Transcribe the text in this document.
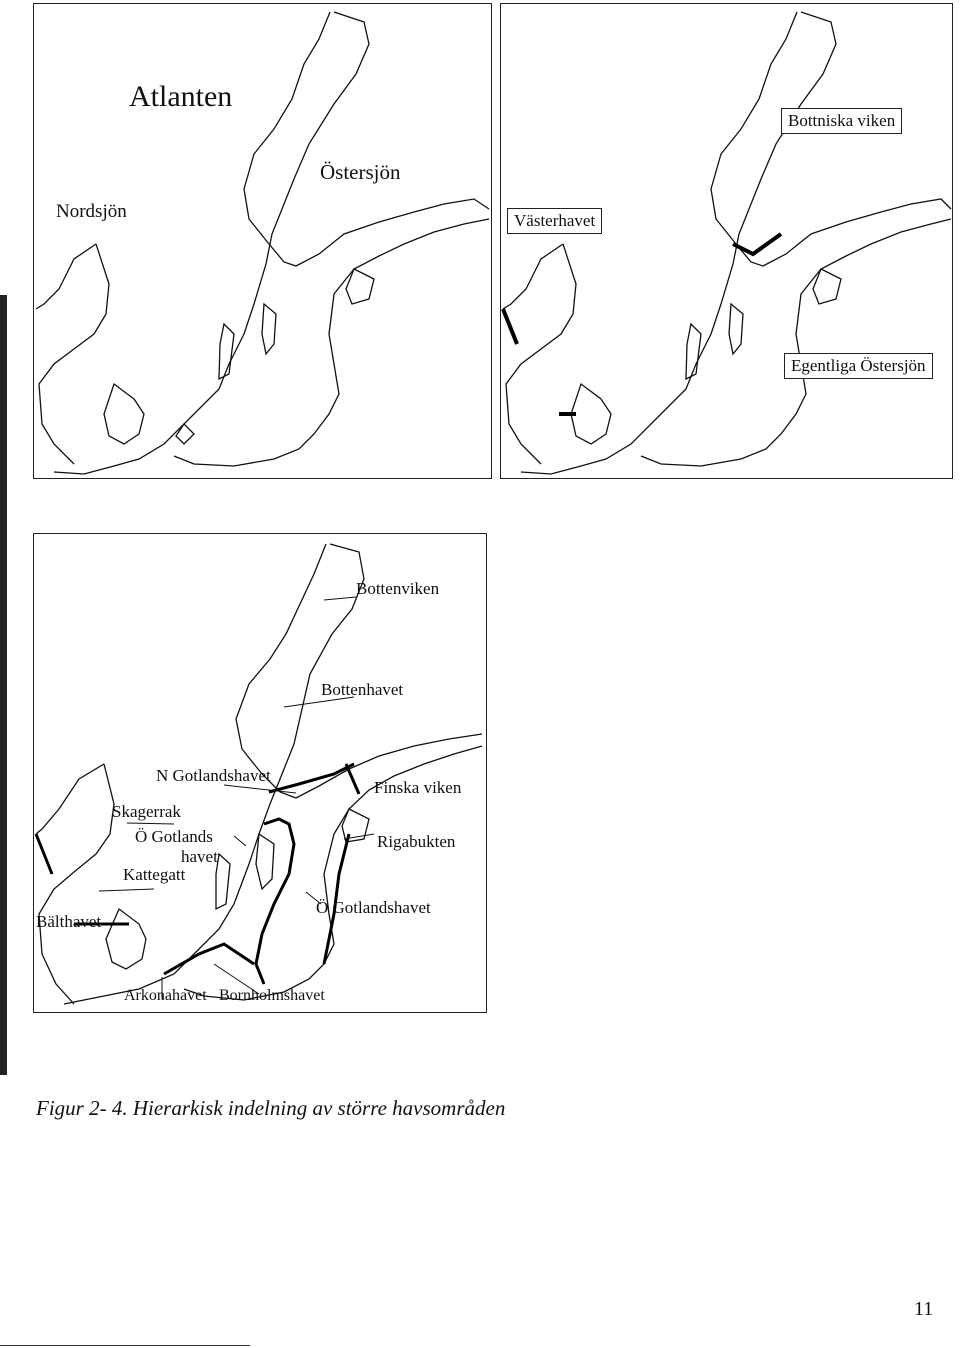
Atlanten
Nordsjön
Östersjön
Bottniska viken
Västerhavet
Egentliga Östersjön
Bottenviken
Bottenhavet
N Gotlandshavet
Finska viken
Skagerrak
Ö Gotlands
havet
Rigabukten
Kattegatt
Ö Gotlandshavet
Bälthavet
Arkonahavet Bornholmshavet
Figur 2- 4. Hierarkisk indelning av större havsområden
11
